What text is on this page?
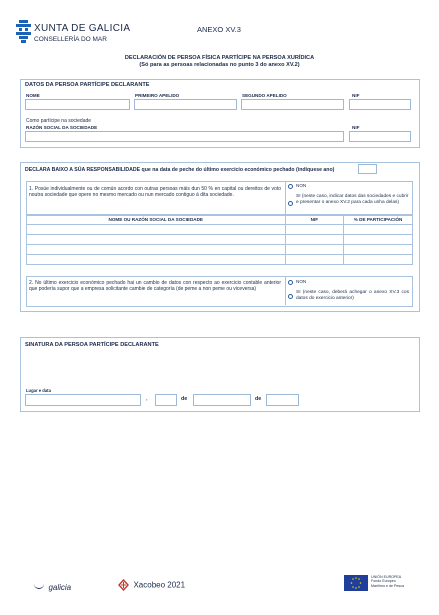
XUNTA DE GALICIA
CONSELLERÍA DO MAR
ANEXO XV.3
DECLARACIÓN DE PERSOA FÍSICA PARTÍCIPE NA PERSOA XURÍDICA
(Só para as persoas relacionadas no punto 3 do anexo XV.2)
DATOS DA PERSOA PARTÍCIPE DECLARANTE
NOME	PRIMEIRO APELIDO	SEGUNDO APELIDO	NIF
Como partícipe na sociedade
RAZÓN SOCIAL DA SOCIEDADE	NIF
DECLARA BAIXO A SÚA RESPONSABILIDADE que na data de peche do último exercicio económico pechado (indíquese ano)
1. Posúe individualmente ou de común acordo con outras persoas máis dun 50 % en capital ou dereitos de voto noutra sociedade que opere no mesmo mercado ou nun mercado contiguo á dita sociedade.
NON
SI (neste caso, indicar datos das sociedades e cubrir e presentar o anexo XV.2 para cada unha delas)
NOME OU RAZÓN SOCIAL DA SOCIEDADE	NIF	% DE PARTICIPACIÓN

2. No último exercicio económico pechado hai un cambio de datos con respecto ao exercicio contable anterior que podería supor que a empresa solicitante cambie de categoría (de peme a non peme ou viceversa)
NON
SI (neste caso, deberá achegar o anexo XV.3 cos datos do exercicio anterior)
SINATURA DA PERSOA PARTÍCIPE DECLARANTE
Lugar e data
,	de	de
galicia	Xacobeo 2021
UNIÓN EUROPEA
Fondo Europeo
Marítimo e de Pesca
